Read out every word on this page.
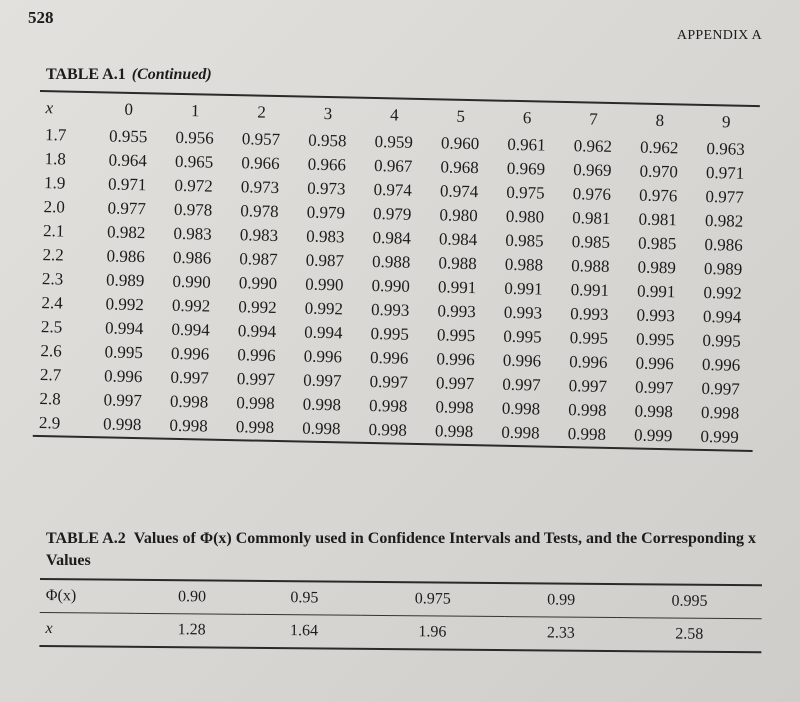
528
APPENDIX A
TABLE A.1 (Continued)
x	0	1	2	3	4	5	6	7	8	9
1.7	0.955	0.956	0.957	0.958	0.959	0.960	0.961	0.962	0.962	0.963
1.8	0.964	0.965	0.966	0.966	0.967	0.968	0.969	0.969	0.970	0.971
1.9	0.971	0.972	0.973	0.973	0.974	0.974	0.975	0.976	0.976	0.977
2.0	0.977	0.978	0.978	0.979	0.979	0.980	0.980	0.981	0.981	0.982
2.1	0.982	0.983	0.983	0.983	0.984	0.984	0.985	0.985	0.985	0.986
2.2	0.986	0.986	0.987	0.987	0.988	0.988	0.988	0.988	0.989	0.989
2.3	0.989	0.990	0.990	0.990	0.990	0.991	0.991	0.991	0.991	0.992
2.4	0.992	0.992	0.992	0.992	0.993	0.993	0.993	0.993	0.993	0.994
2.5	0.994	0.994	0.994	0.994	0.995	0.995	0.995	0.995	0.995	0.995
2.6	0.995	0.996	0.996	0.996	0.996	0.996	0.996	0.996	0.996	0.996
2.7	0.996	0.997	0.997	0.997	0.997	0.997	0.997	0.997	0.997	0.997
2.8	0.997	0.998	0.998	0.998	0.998	0.998	0.998	0.998	0.998	0.998
2.9	0.998	0.998	0.998	0.998	0.998	0.998	0.998	0.998	0.999	0.999
TABLE A.2 Values of Φ(x) Commonly used in Confidence Intervals and Tests, and the Corresponding x Values
Φ(x)	0.90	0.95	0.975	0.99	0.995
x	1.28	1.64	1.96	2.33	2.58
